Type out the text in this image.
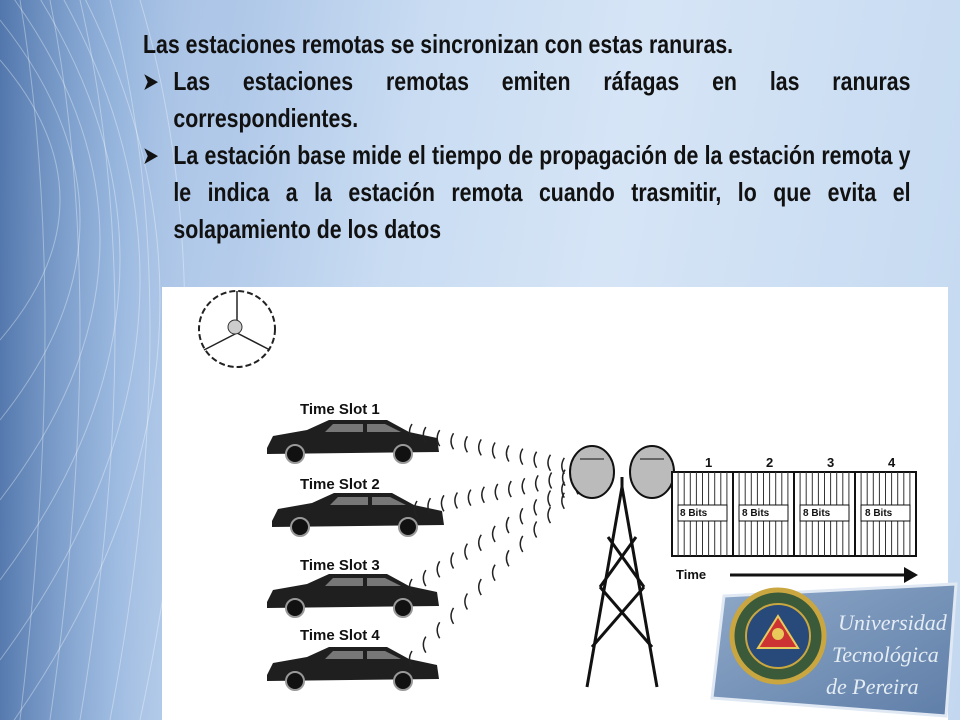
Las estaciones remotas se sincronizan con estas ranuras.

➤ Las estaciones remotas emiten ráfagas en las ranuras correspondientes.
➤ La estación base mide el tiempo de propagación de la estación remota y le indica a la estación remota cuando trasmitir, lo que evita el solapamiento de los datos
Time Slot 1
Time Slot 2
Time Slot 3
Time Slot 4
1	2	3	4
8 Bits	8 Bits	8 Bits	8 Bits
Time
Universidad
Tecnológica
de Pereira
